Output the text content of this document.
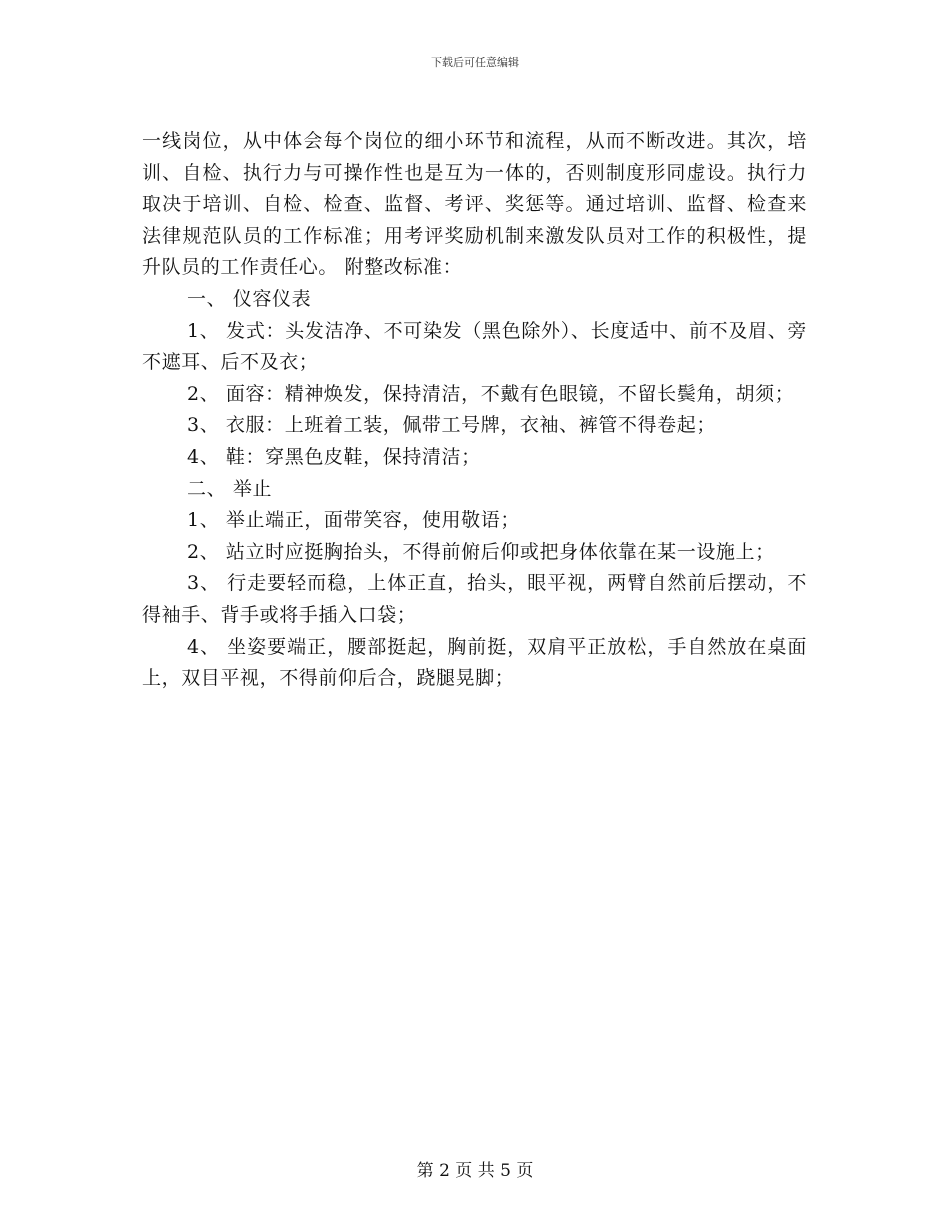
下载后可任意编辑

一线岗位，从中体会每个岗位的细小环节和流程，从而不断改进。其次，培训、自检、执行力与可操作性也是互为一体的，否则制度形同虚设。执行力取决于培训、自检、检查、监督、考评、奖惩等。通过培训、监督、检查来法律规范队员的工作标准；用考评奖励机制来激发队员对工作的积极性，提升队员的工作责任心。 附整改标准：

一、 仪容仪表

1、 发式：头发洁净、不可染发（黑色除外）、长度适中、前不及眉、旁不遮耳、后不及衣；

2、 面容：精神焕发，保持清洁，不戴有色眼镜，不留长鬓角，胡须；

3、 衣服：上班着工装，佩带工号牌，衣袖、裤管不得卷起；

4、 鞋：穿黑色皮鞋，保持清洁；

二、 举止

1、 举止端正，面带笑容，使用敬语；

2、 站立时应挺胸抬头，不得前俯后仰或把身体依靠在某一设施上；

3、 行走要轻而稳，上体正直，抬头，眼平视，两臂自然前后摆动，不得袖手、背手或将手插入口袋；

4、 坐姿要端正，腰部挺起，胸前挺，双肩平正放松，手自然放在桌面上，双目平视，不得前仰后合，跷腿晃脚；

第 2 页 共 5 页
